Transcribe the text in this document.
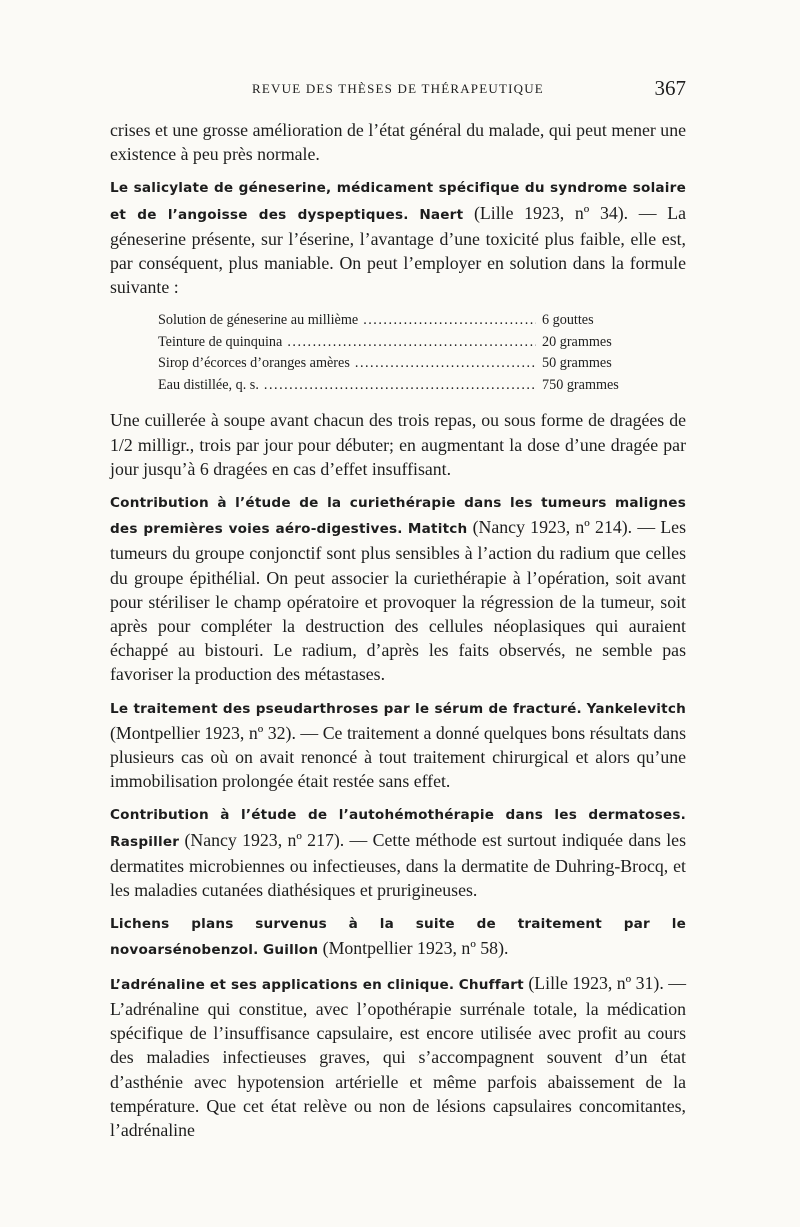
REVUE DES THÈSES DE THÉRAPEUTIQUE	367

crises et une grosse amélioration de l’état général du malade, qui peut mener une existence à peu près normale.

Le salicylate de géneserine, médicament spécifique du syndrome solaire et de l’angoisse des dyspeptiques. Naert (Lille 1923, nº 34). — La géneserine présente, sur l’éserine, l’avantage d’une toxicité plus faible, elle est, par conséquent, plus maniable. On peut l’employer en solution dans la formule suivante :

Solution de géneserine au millième .....	6 gouttes
Teinture de quinquina .....	20 grammes
Sirop d’écorces d’oranges amères .....	50 grammes
Eau distillée, q. s. .....	750 grammes

Une cuillerée à soupe avant chacun des trois repas, ou sous forme de dragées de 1/2 milligr., trois par jour pour débuter; en augmentant la dose d’une dragée par jour jusqu’à 6 dragées en cas d’effet insuffisant.

Contribution à l’étude de la curiethérapie dans les tumeurs malignes des premières voies aéro-digestives. Matitch (Nancy 1923, nº 214). — Les tumeurs du groupe conjonctif sont plus sensibles à l’action du radium que celles du groupe épithélial. On peut associer la curiethérapie à l’opération, soit avant pour stériliser le champ opératoire et provoquer la régression de la tumeur, soit après pour compléter la destruction des cellules néoplasiques qui auraient échappé au bistouri. Le radium, d’après les faits observés, ne semble pas favoriser la production des métastases.

Le traitement des pseudarthroses par le sérum de fracturé. Yankelevitch (Montpellier 1923, nº 32). — Ce traitement a donné quelques bons résultats dans plusieurs cas où on avait renoncé à tout traitement chirurgical et alors qu’une immobilisation prolongée était restée sans effet.

Contribution à l’étude de l’autohémothérapie dans les dermatoses. Raspiller (Nancy 1923, nº 217). — Cette méthode est surtout indiquée dans les dermatites microbiennes ou infectieuses, dans la dermatite de Duhring-Brocq, et les maladies cutanées diathésiques et prurigineuses.

Lichens plans survenus à la suite de traitement par le novoarsénobenzol. Guillon (Montpellier 1923, nº 58).

L’adrénaline et ses applications en clinique. Chuffart (Lille 1923, nº 31). — L’adrénaline qui constitue, avec l’opothérapie surrénale totale, la médication spécifique de l’insuffisance capsulaire, est encore utilisée avec profit au cours des maladies infectieuses graves, qui s’accompagnent souvent d’un état d’asthénie avec hypotension artérielle et même parfois abaissement de la température. Que cet état relève ou non de lésions capsulaires concomitantes, l’adrénaline
